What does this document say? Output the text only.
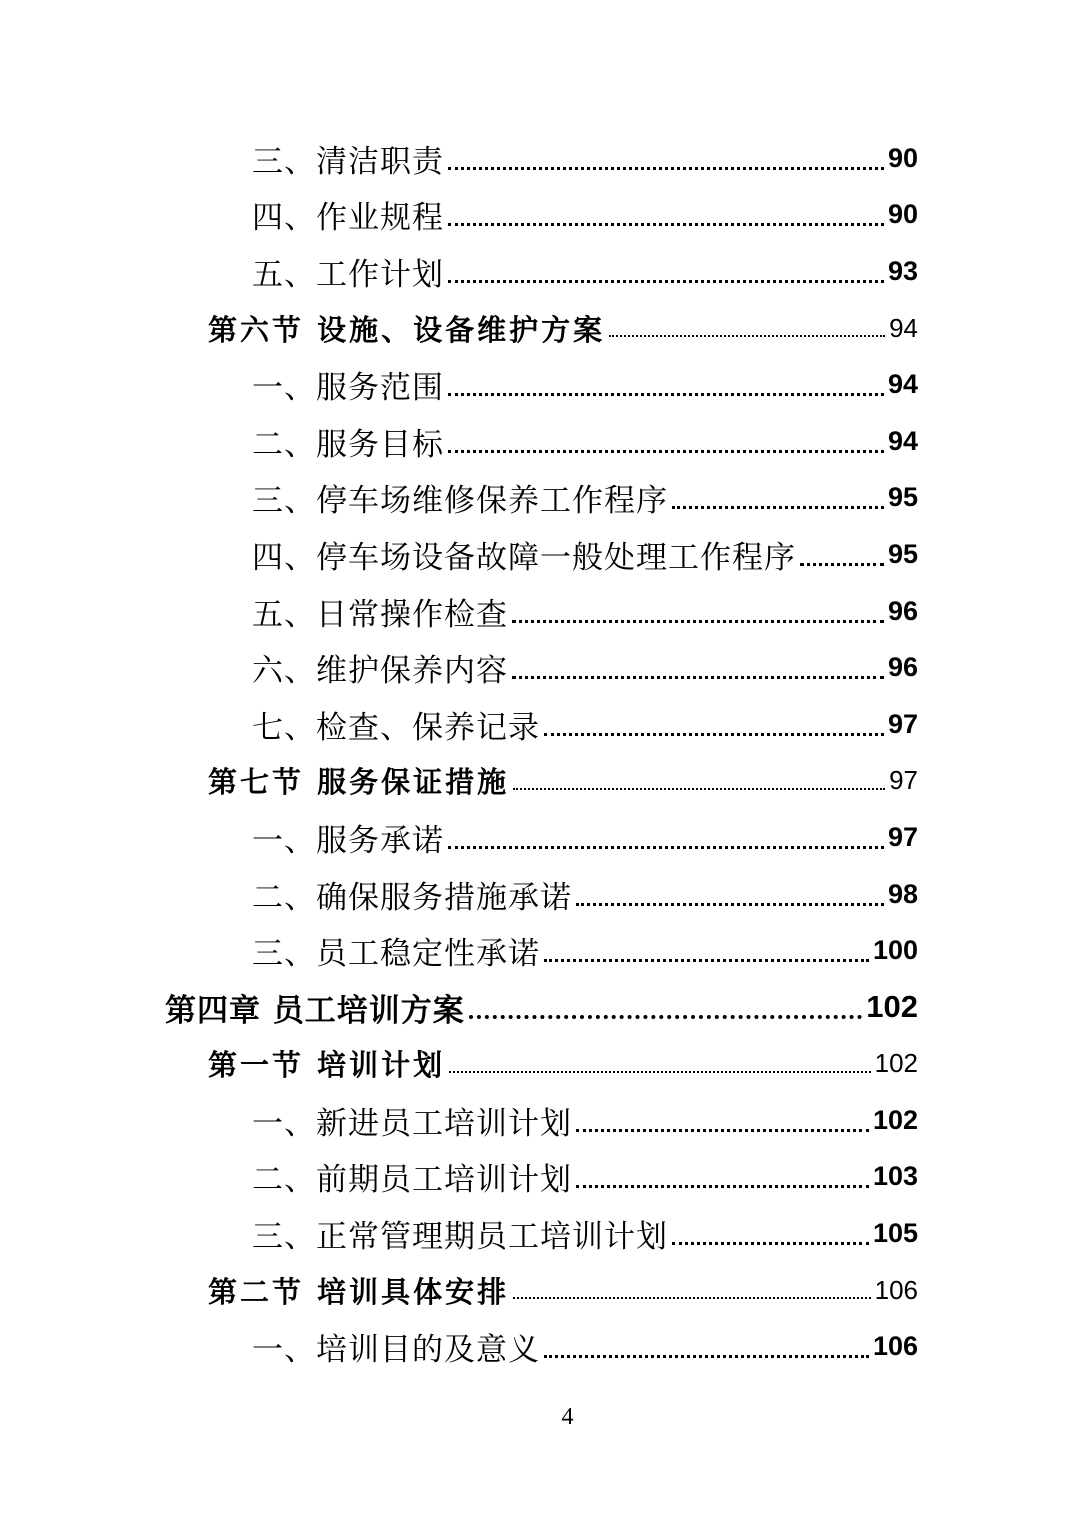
三、清洁职责	90
四、作业规程	90
五、工作计划	93
第六节 设施、设备维护方案	94
一、服务范围	94
二、服务目标	94
三、停车场维修保养工作程序	95
四、停车场设备故障一般处理工作程序	95
五、日常操作检查	96
六、维护保养内容	96
七、检查、保养记录	97
第七节 服务保证措施	97
一、服务承诺	97
二、确保服务措施承诺	98
三、员工稳定性承诺	100
第四章 员工培训方案	102
第一节 培训计划	102
一、新进员工培训计划	102
二、前期员工培训计划	103
三、正常管理期员工培训计划	105
第二节 培训具体安排	106
一、培训目的及意义	106
4
